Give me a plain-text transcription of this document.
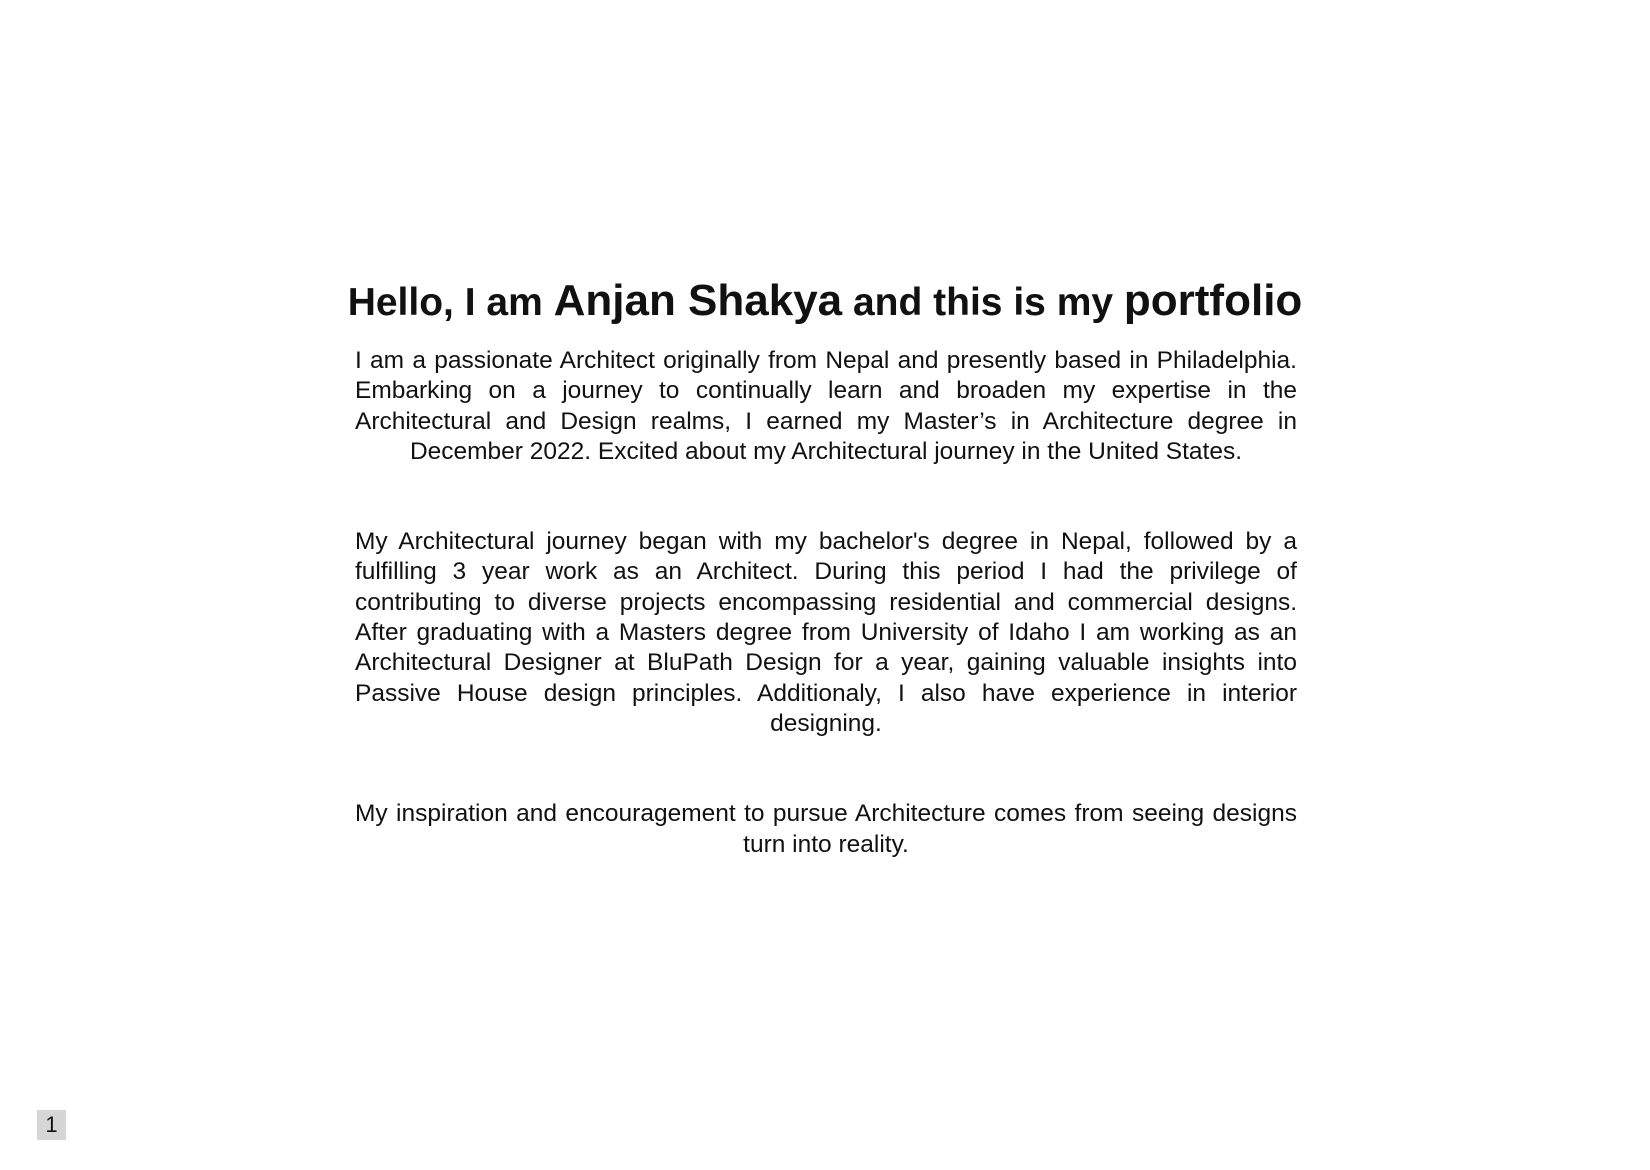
Hello, I am Anjan Shakya and this is my portfolio

I am a passionate Architect originally from Nepal and presently based in Philadelphia. Embarking on a journey to continually learn and broaden my expertise in the Architectural and Design realms, I earned my Master’s in Architecture degree in December 2022. Excited about my Architectural journey in the United States.

My Architectural journey began with my bachelor's degree in Nepal, followed by a fulfilling 3 year work as an Architect. During this period I had the privilege of contributing to diverse projects encompassing residential and commercial designs. After graduating with a Masters degree from University of Idaho I am working as an Architectural Designer at BluPath Design for a year, gaining valuable insights into Passive House design principles. Additionaly, I also have experience in interior designing.

My inspiration and encouragement to pursue Architecture comes from seeing designs turn into reality.

1
